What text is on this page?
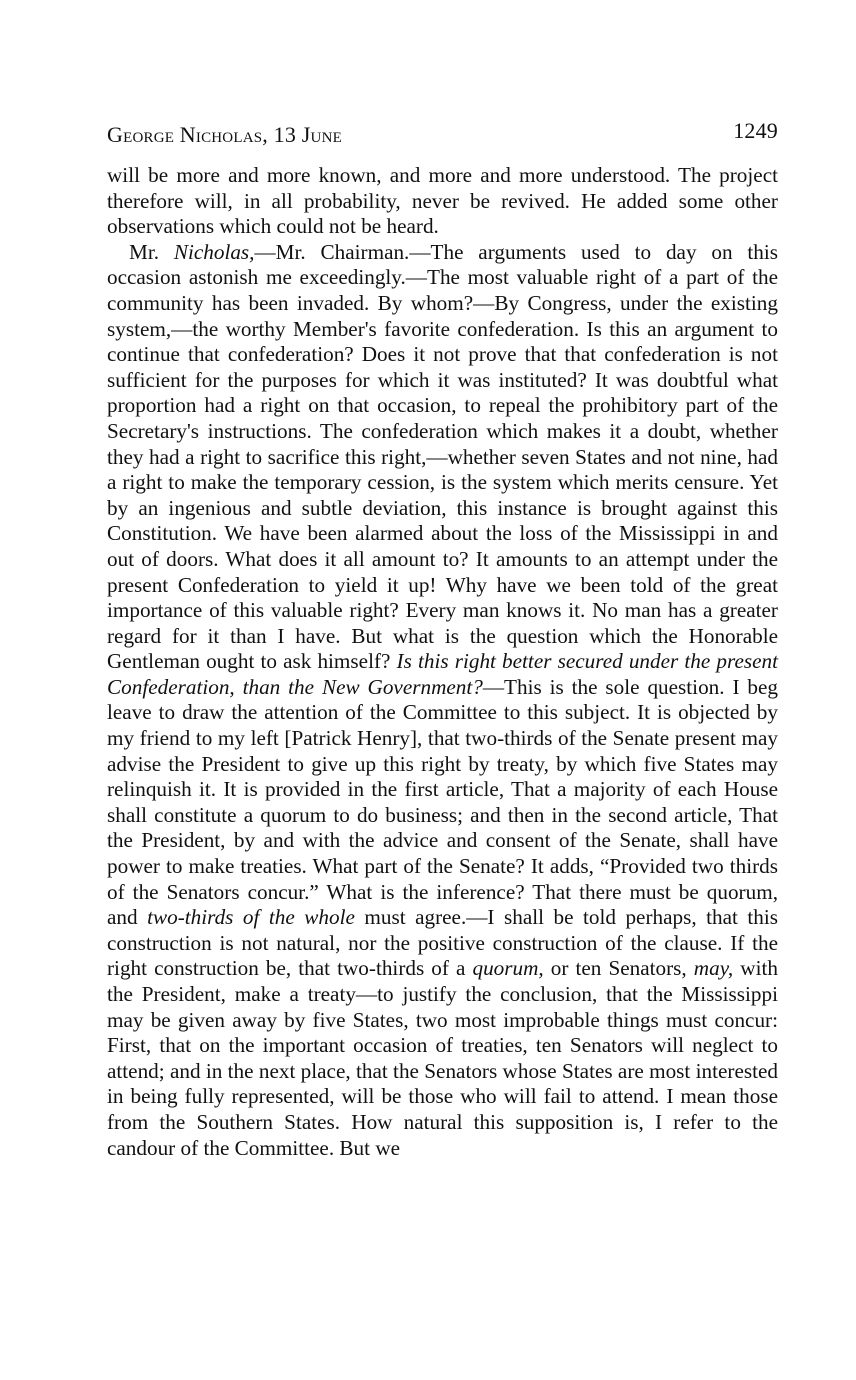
George Nicholas, 13 June	1249

will be more and more known, and more and more understood. The project therefore will, in all probability, never be revived. He added some other observations which could not be heard.

Mr. Nicholas,—Mr. Chairman.—The arguments used to day on this occasion astonish me exceedingly.—The most valuable right of a part of the community has been invaded. By whom?—By Congress, under the existing system,—the worthy Member's favorite confederation. Is this an argument to continue that confederation? Does it not prove that that confederation is not sufficient for the purposes for which it was instituted? It was doubtful what proportion had a right on that occasion, to repeal the prohibitory part of the Secretary's instructions. The confederation which makes it a doubt, whether they had a right to sacrifice this right,—whether seven States and not nine, had a right to make the temporary cession, is the system which merits censure. Yet by an ingenious and subtle deviation, this instance is brought against this Constitution. We have been alarmed about the loss of the Mississippi in and out of doors. What does it all amount to? It amounts to an attempt under the present Confederation to yield it up! Why have we been told of the great importance of this valuable right? Every man knows it. No man has a greater regard for it than I have. But what is the question which the Honorable Gentleman ought to ask himself? Is this right better secured under the present Confederation, than the New Government?—This is the sole question. I beg leave to draw the attention of the Committee to this subject. It is objected by my friend to my left [Patrick Henry], that two-thirds of the Senate present may advise the President to give up this right by treaty, by which five States may relinquish it. It is provided in the first article, That a majority of each House shall constitute a quorum to do business; and then in the second article, That the President, by and with the advice and consent of the Senate, shall have power to make treaties. What part of the Senate? It adds, “Provided two thirds of the Senators concur.” What is the inference? That there must be quorum, and two-thirds of the whole must agree.—I shall be told perhaps, that this construction is not natural, nor the positive construction of the clause. If the right construction be, that two-thirds of a quorum, or ten Senators, may, with the President, make a treaty—to justify the conclusion, that the Mississippi may be given away by five States, two most improbable things must concur: First, that on the important occasion of treaties, ten Senators will neglect to attend; and in the next place, that the Senators whose States are most interested in being fully represented, will be those who will fail to attend. I mean those from the Southern States. How natural this supposition is, I refer to the candour of the Committee. But we
